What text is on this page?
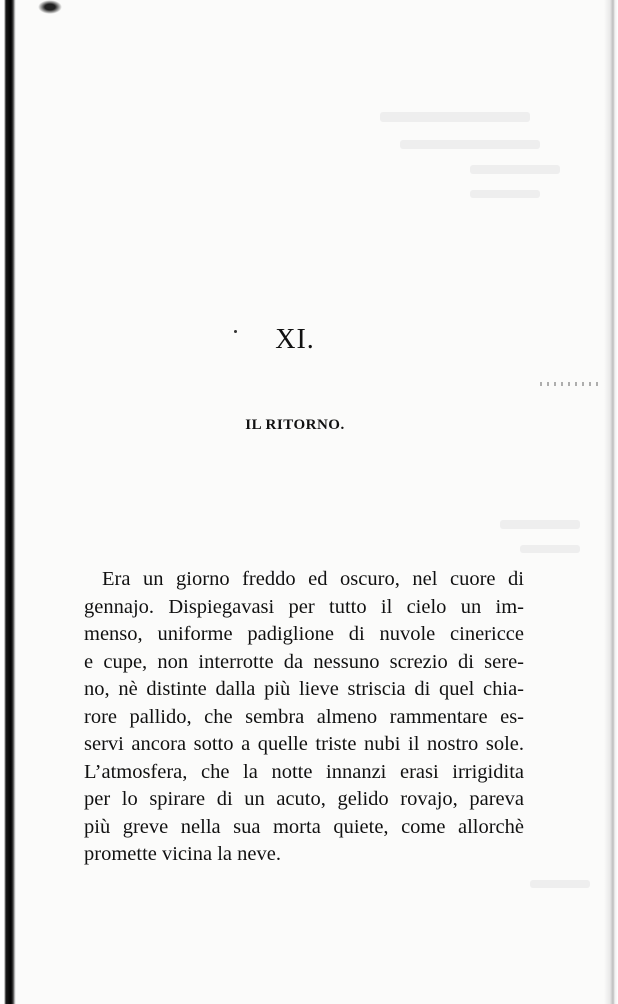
XI.
IL RITORNO.
Era un giorno freddo ed oscuro, nel cuore di
gennajo. Dispiegavasi per tutto il cielo un im-
menso, uniforme padiglione di nuvole cinericce
e cupe, non interrotte da nessuno screzio di sere-
no, nè distinte dalla più lieve striscia di quel chia-
rore pallido, che sembra almeno rammentare es-
servi ancora sotto a quelle triste nubi il nostro sole.
L’atmosfera, che la notte innanzi erasi irrigidita
per lo spirare di un acuto, gelido rovajo, pareva
più greve nella sua morta quiete, come allorchè
promette vicina la neve.
